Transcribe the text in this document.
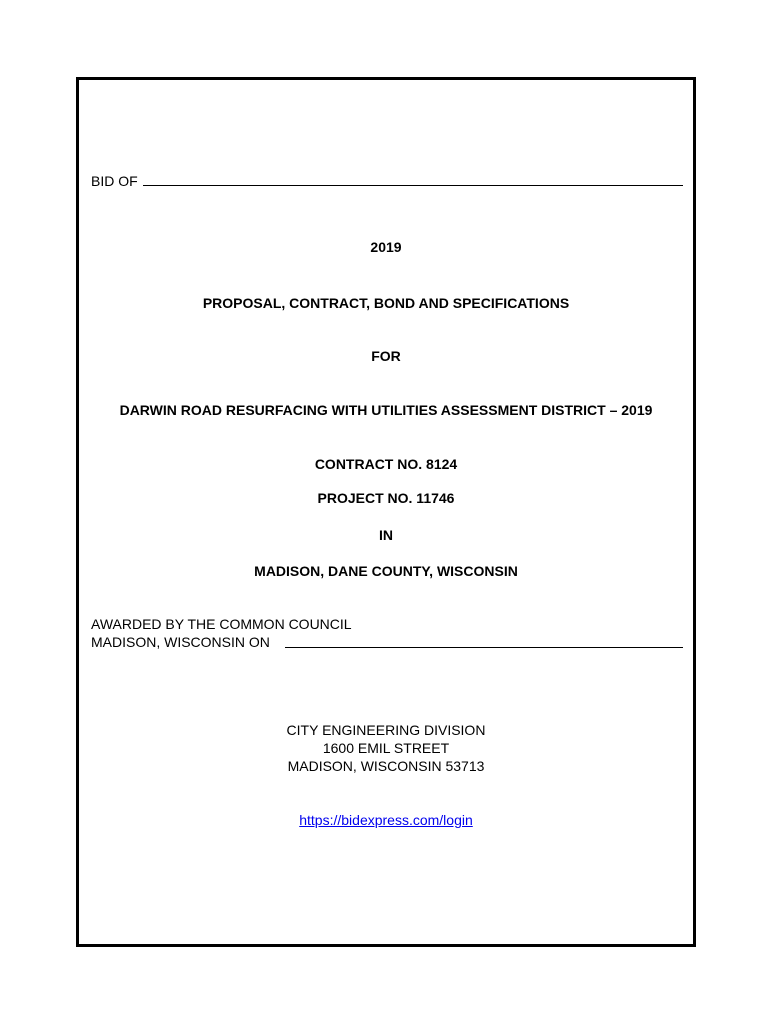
BID OF
2019
PROPOSAL, CONTRACT, BOND AND SPECIFICATIONS
FOR
DARWIN ROAD RESURFACING WITH UTILITIES ASSESSMENT DISTRICT – 2019
CONTRACT NO. 8124
PROJECT NO. 11746
IN
MADISON, DANE COUNTY, WISCONSIN
AWARDED BY THE COMMON COUNCIL
MADISON, WISCONSIN ON
CITY ENGINEERING DIVISION
1600 EMIL STREET
MADISON, WISCONSIN 53713
https://bidexpress.com/login
